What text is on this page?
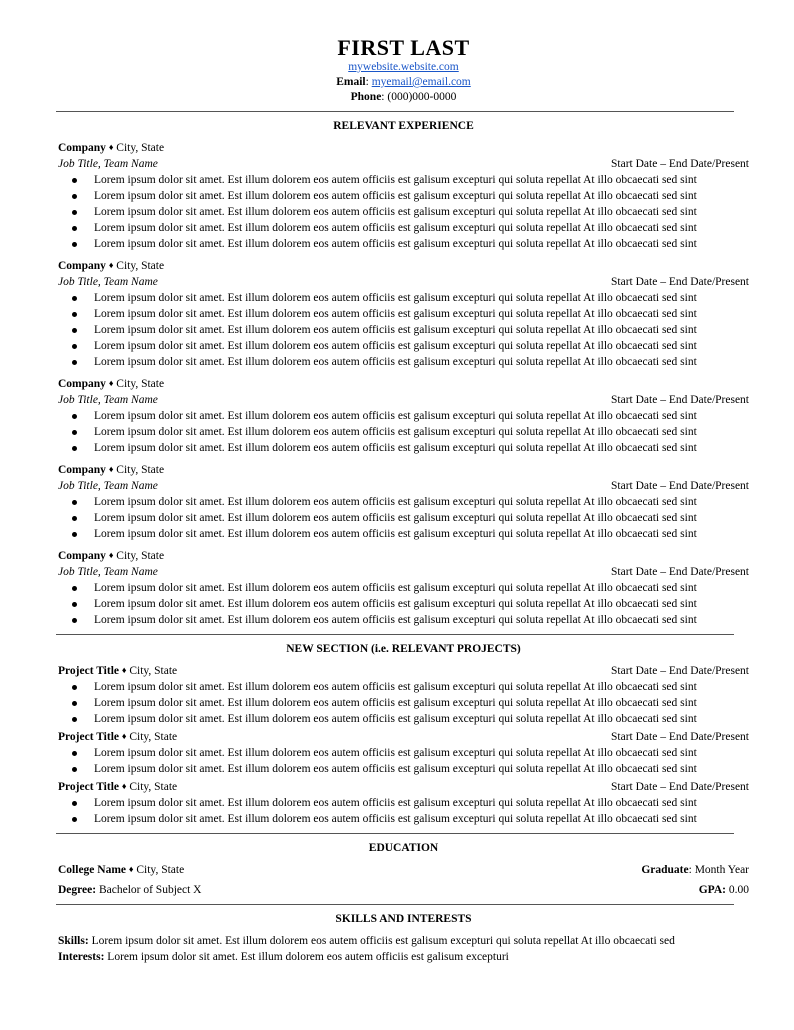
FIRST LAST
mywebsite.website.com
Email: myemail@email.com
Phone: (000)000-0000
RELEVANT EXPERIENCE
Company ♦ City, State
Job Title, Team Name	Start Date – End Date/Present
Lorem ipsum dolor sit amet. Est illum dolorem eos autem officiis est galisum excepturi qui soluta repellat At illo obcaecati sed sint
Lorem ipsum dolor sit amet. Est illum dolorem eos autem officiis est galisum excepturi qui soluta repellat At illo obcaecati sed sint
Lorem ipsum dolor sit amet. Est illum dolorem eos autem officiis est galisum excepturi qui soluta repellat At illo obcaecati sed sint
Lorem ipsum dolor sit amet. Est illum dolorem eos autem officiis est galisum excepturi qui soluta repellat At illo obcaecati sed sint
Lorem ipsum dolor sit amet. Est illum dolorem eos autem officiis est galisum excepturi qui soluta repellat At illo obcaecati sed sint
Company ♦ City, State
Job Title, Team Name	Start Date – End Date/Present
Lorem ipsum dolor sit amet. Est illum dolorem eos autem officiis est galisum excepturi qui soluta repellat At illo obcaecati sed sint
Lorem ipsum dolor sit amet. Est illum dolorem eos autem officiis est galisum excepturi qui soluta repellat At illo obcaecati sed sint
Lorem ipsum dolor sit amet. Est illum dolorem eos autem officiis est galisum excepturi qui soluta repellat At illo obcaecati sed sint
Lorem ipsum dolor sit amet. Est illum dolorem eos autem officiis est galisum excepturi qui soluta repellat At illo obcaecati sed sint
Lorem ipsum dolor sit amet. Est illum dolorem eos autem officiis est galisum excepturi qui soluta repellat At illo obcaecati sed sint
Company ♦ City, State
Job Title, Team Name	Start Date – End Date/Present
Lorem ipsum dolor sit amet. Est illum dolorem eos autem officiis est galisum excepturi qui soluta repellat At illo obcaecati sed sint
Lorem ipsum dolor sit amet. Est illum dolorem eos autem officiis est galisum excepturi qui soluta repellat At illo obcaecati sed sint
Lorem ipsum dolor sit amet. Est illum dolorem eos autem officiis est galisum excepturi qui soluta repellat At illo obcaecati sed sint
Company ♦ City, State
Job Title, Team Name	Start Date – End Date/Present
Lorem ipsum dolor sit amet. Est illum dolorem eos autem officiis est galisum excepturi qui soluta repellat At illo obcaecati sed sint
Lorem ipsum dolor sit amet. Est illum dolorem eos autem officiis est galisum excepturi qui soluta repellat At illo obcaecati sed sint
Lorem ipsum dolor sit amet. Est illum dolorem eos autem officiis est galisum excepturi qui soluta repellat At illo obcaecati sed sint
Company ♦ City, State
Job Title, Team Name	Start Date – End Date/Present
Lorem ipsum dolor sit amet. Est illum dolorem eos autem officiis est galisum excepturi qui soluta repellat At illo obcaecati sed sint
Lorem ipsum dolor sit amet. Est illum dolorem eos autem officiis est galisum excepturi qui soluta repellat At illo obcaecati sed sint
Lorem ipsum dolor sit amet. Est illum dolorem eos autem officiis est galisum excepturi qui soluta repellat At illo obcaecati sed sint
NEW SECTION (i.e. RELEVANT PROJECTS)
Project Title ♦ City, State	Start Date – End Date/Present
Lorem ipsum dolor sit amet. Est illum dolorem eos autem officiis est galisum excepturi qui soluta repellat At illo obcaecati sed sint
Lorem ipsum dolor sit amet. Est illum dolorem eos autem officiis est galisum excepturi qui soluta repellat At illo obcaecati sed sint
Lorem ipsum dolor sit amet. Est illum dolorem eos autem officiis est galisum excepturi qui soluta repellat At illo obcaecati sed sint
Project Title ♦ City, State	Start Date – End Date/Present
Lorem ipsum dolor sit amet. Est illum dolorem eos autem officiis est galisum excepturi qui soluta repellat At illo obcaecati sed sint
Lorem ipsum dolor sit amet. Est illum dolorem eos autem officiis est galisum excepturi qui soluta repellat At illo obcaecati sed sint
Project Title ♦ City, State	Start Date – End Date/Present
Lorem ipsum dolor sit amet. Est illum dolorem eos autem officiis est galisum excepturi qui soluta repellat At illo obcaecati sed sint
Lorem ipsum dolor sit amet. Est illum dolorem eos autem officiis est galisum excepturi qui soluta repellat At illo obcaecati sed sint
EDUCATION
College Name ♦ City, State	Graduate: Month Year
Degree: Bachelor of Subject X	GPA: 0.00
SKILLS AND INTERESTS
Skills: Lorem ipsum dolor sit amet. Est illum dolorem eos autem officiis est galisum excepturi qui soluta repellat At illo obcaecati sed
Interests: Lorem ipsum dolor sit amet. Est illum dolorem eos autem officiis est galisum excepturi
